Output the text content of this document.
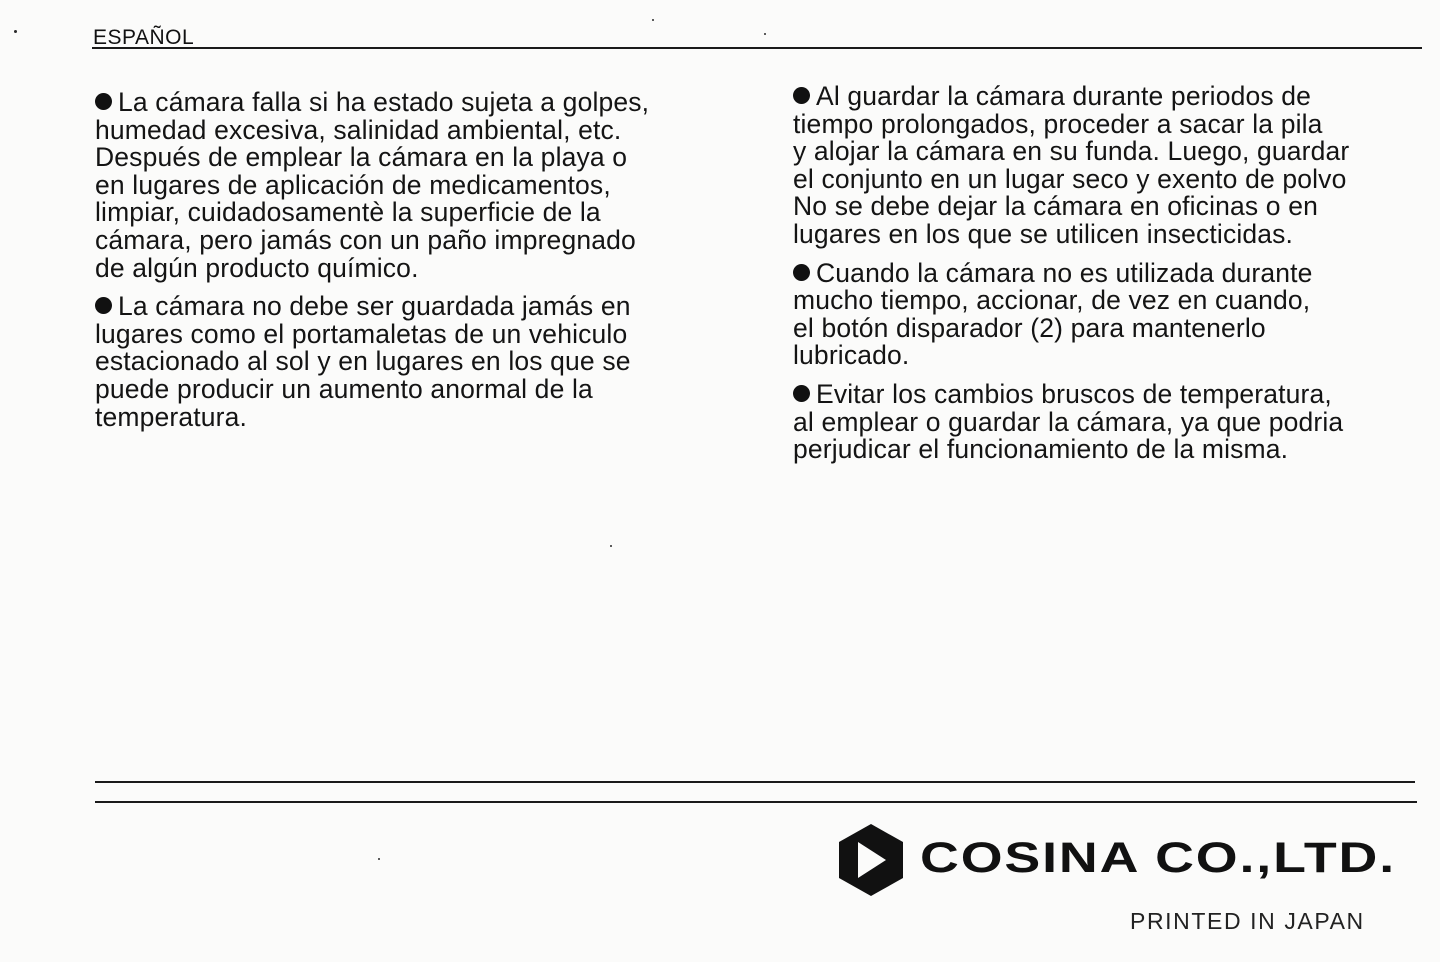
ESPAÑOL

La cámara falla si ha estado sujeta a golpes,
humedad excesiva, salinidad ambiental, etc.
Después de emplear la cámara en la playa o
en lugares de aplicación de medicamentos,
limpiar, cuidadosamentè la superficie de la
cámara, pero jamás con un paño impregnado
de algún producto químico.

La cámara no debe ser guardada jamás en
lugares como el portamaletas de un vehiculo
estacionado al sol y en lugares en los que se
puede producir un aumento anormal de la
temperatura.

Al guardar la cámara durante periodos de
tiempo prolongados, proceder a sacar la pila
y alojar la cámara en su funda. Luego, guardar
el conjunto en un lugar seco y exento de polvo
No se debe dejar la cámara en oficinas o en
lugares en los que se utilicen insecticidas.

Cuando la cámara no es utilizada durante
mucho tiempo, accionar, de vez en cuando,
el botón disparador (2) para mantenerlo
lubricado.

Evitar los cambios bruscos de temperatura,
al emplear o guardar la cámara, ya que podria
perjudicar el funcionamiento de la misma.

COSINA CO.,LTD.
PRINTED IN JAPAN
